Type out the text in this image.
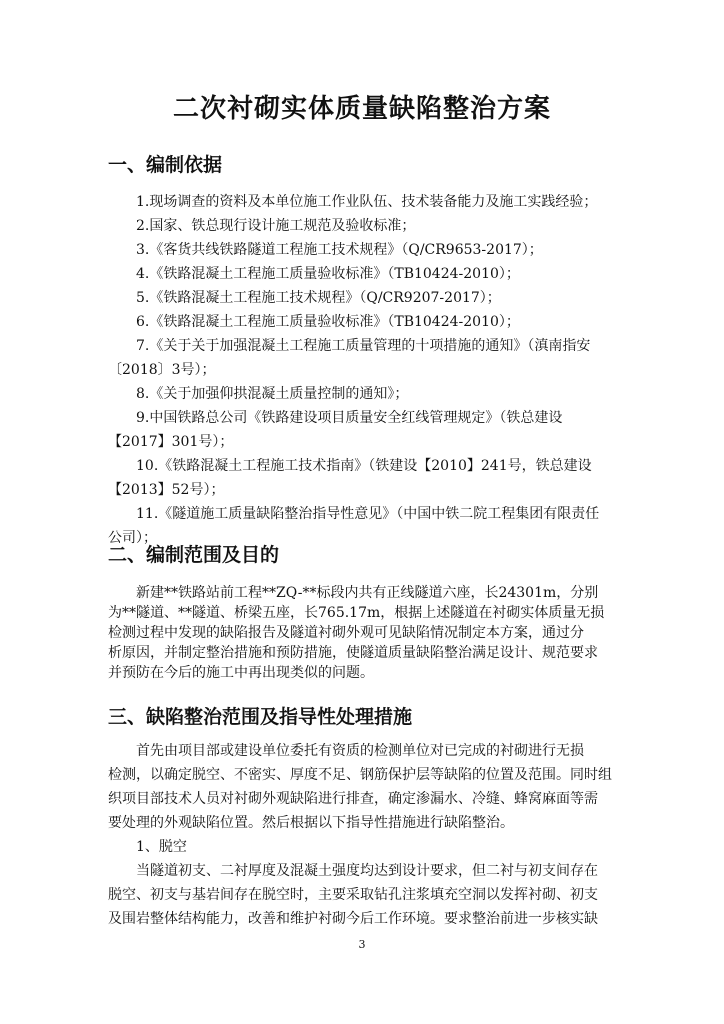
二次衬砌实体质量缺陷整治方案
一、编制依据

1.现场调查的资料及本单位施工作业队伍、技术装备能力及施工实践经验；

2.国家、铁总现行设计施工规范及验收标准；

3.《客货共线铁路隧道工程施工技术规程》（Q/CR9653-2017）；

4.《铁路混凝土工程施工质量验收标准》（TB10424-2010）；

5.《铁路混凝土工程施工技术规程》（Q/CR9207-2017）；

6.《铁路混凝土工程施工质量验收标准》（TB10424-2010）；

7.《关于关于加强混凝土工程施工质量管理的十项措施的通知》（滇南指安

〔2018〕3号）；

8.《关于加强仰拱混凝土质量控制的通知》；

9.中国铁路总公司《铁路建设项目质量安全红线管理规定》（铁总建设

【2017】301号）；

10.《铁路混凝土工程施工技术指南》（铁建设【2010】241号，铁总建设

【2013】52号）；

11.《隧道施工质量缺陷整治指导性意见》（中国中铁二院工程集团有限责任

公司）；

二、编制范围及目的

新建**铁路站前工程**ZQ-**标段内共有正线隧道六座，长24301m，分别

为**隧道、**隧道、桥梁五座，长765.17m，根据上述隧道在衬砌实体质量无损

检测过程中发现的缺陷报告及隧道衬砌外观可见缺陷情况制定本方案，通过分

析原因，并制定整治措施和预防措施，使隧道质量缺陷整治满足设计、规范要求

并预防在今后的施工中再出现类似的问题。

三、缺陷整治范围及指导性处理措施

首先由项目部或建设单位委托有资质的检测单位对已完成的衬砌进行无损

检测，以确定脱空、不密实、厚度不足、钢筋保护层等缺陷的位置及范围。同时组

织项目部技术人员对衬砌外观缺陷进行排查，确定渗漏水、冷缝、蜂窝麻面等需

要处理的外观缺陷位置。然后根据以下指导性措施进行缺陷整治。

1、脱空

当隧道初支、二衬厚度及混凝土强度均达到设计要求，但二衬与初支间存在

脱空、初支与基岩间存在脱空时，主要采取钻孔注浆填充空洞以发挥衬砌、初支

及围岩整体结构能力，改善和维护衬砌今后工作环境。要求整治前进一步核实缺

3
